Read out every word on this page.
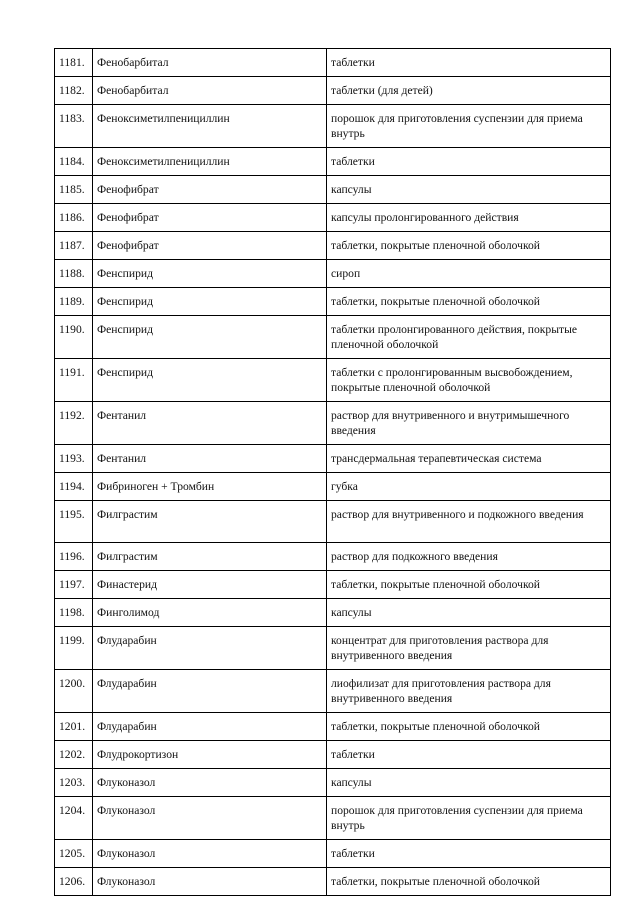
1181.	Фенобарбитал	таблетки
1182.	Фенобарбитал	таблетки (для детей)
1183.	Феноксиметилпенициллин	порошок для приготовления суспензии для приема внутрь
1184.	Феноксиметилпенициллин	таблетки
1185.	Фенофибрат	капсулы
1186.	Фенофибрат	капсулы пролонгированного действия
1187.	Фенофибрат	таблетки, покрытые пленочной оболочкой
1188.	Фенспирид	сироп
1189.	Фенспирид	таблетки, покрытые пленочной оболочкой
1190.	Фенспирид	таблетки пролонгированного действия, покрытые пленочной оболочкой
1191.	Фенспирид	таблетки с пролонгированным высвобождением, покрытые пленочной оболочкой
1192.	Фентанил	раствор для внутривенного и внутримышечного введения
1193.	Фентанил	трансдермальная терапевтическая система
1194.	Фибриноген + Тромбин	губка
1195.	Филграстим	раствор для внутривенного и подкожного введения
1196.	Филграстим	раствор для подкожного введения
1197.	Финастерид	таблетки, покрытые пленочной оболочкой
1198.	Финголимод	капсулы
1199.	Флударабин	концентрат для приготовления раствора для внутривенного введения
1200.	Флударабин	лиофилизат для приготовления раствора для внутривенного введения
1201.	Флударабин	таблетки, покрытые пленочной оболочкой
1202.	Флудрокортизон	таблетки
1203.	Флуконазол	капсулы
1204.	Флуконазол	порошок для приготовления суспензии для приема внутрь
1205.	Флуконазол	таблетки
1206.	Флуконазол	таблетки, покрытые пленочной оболочкой
